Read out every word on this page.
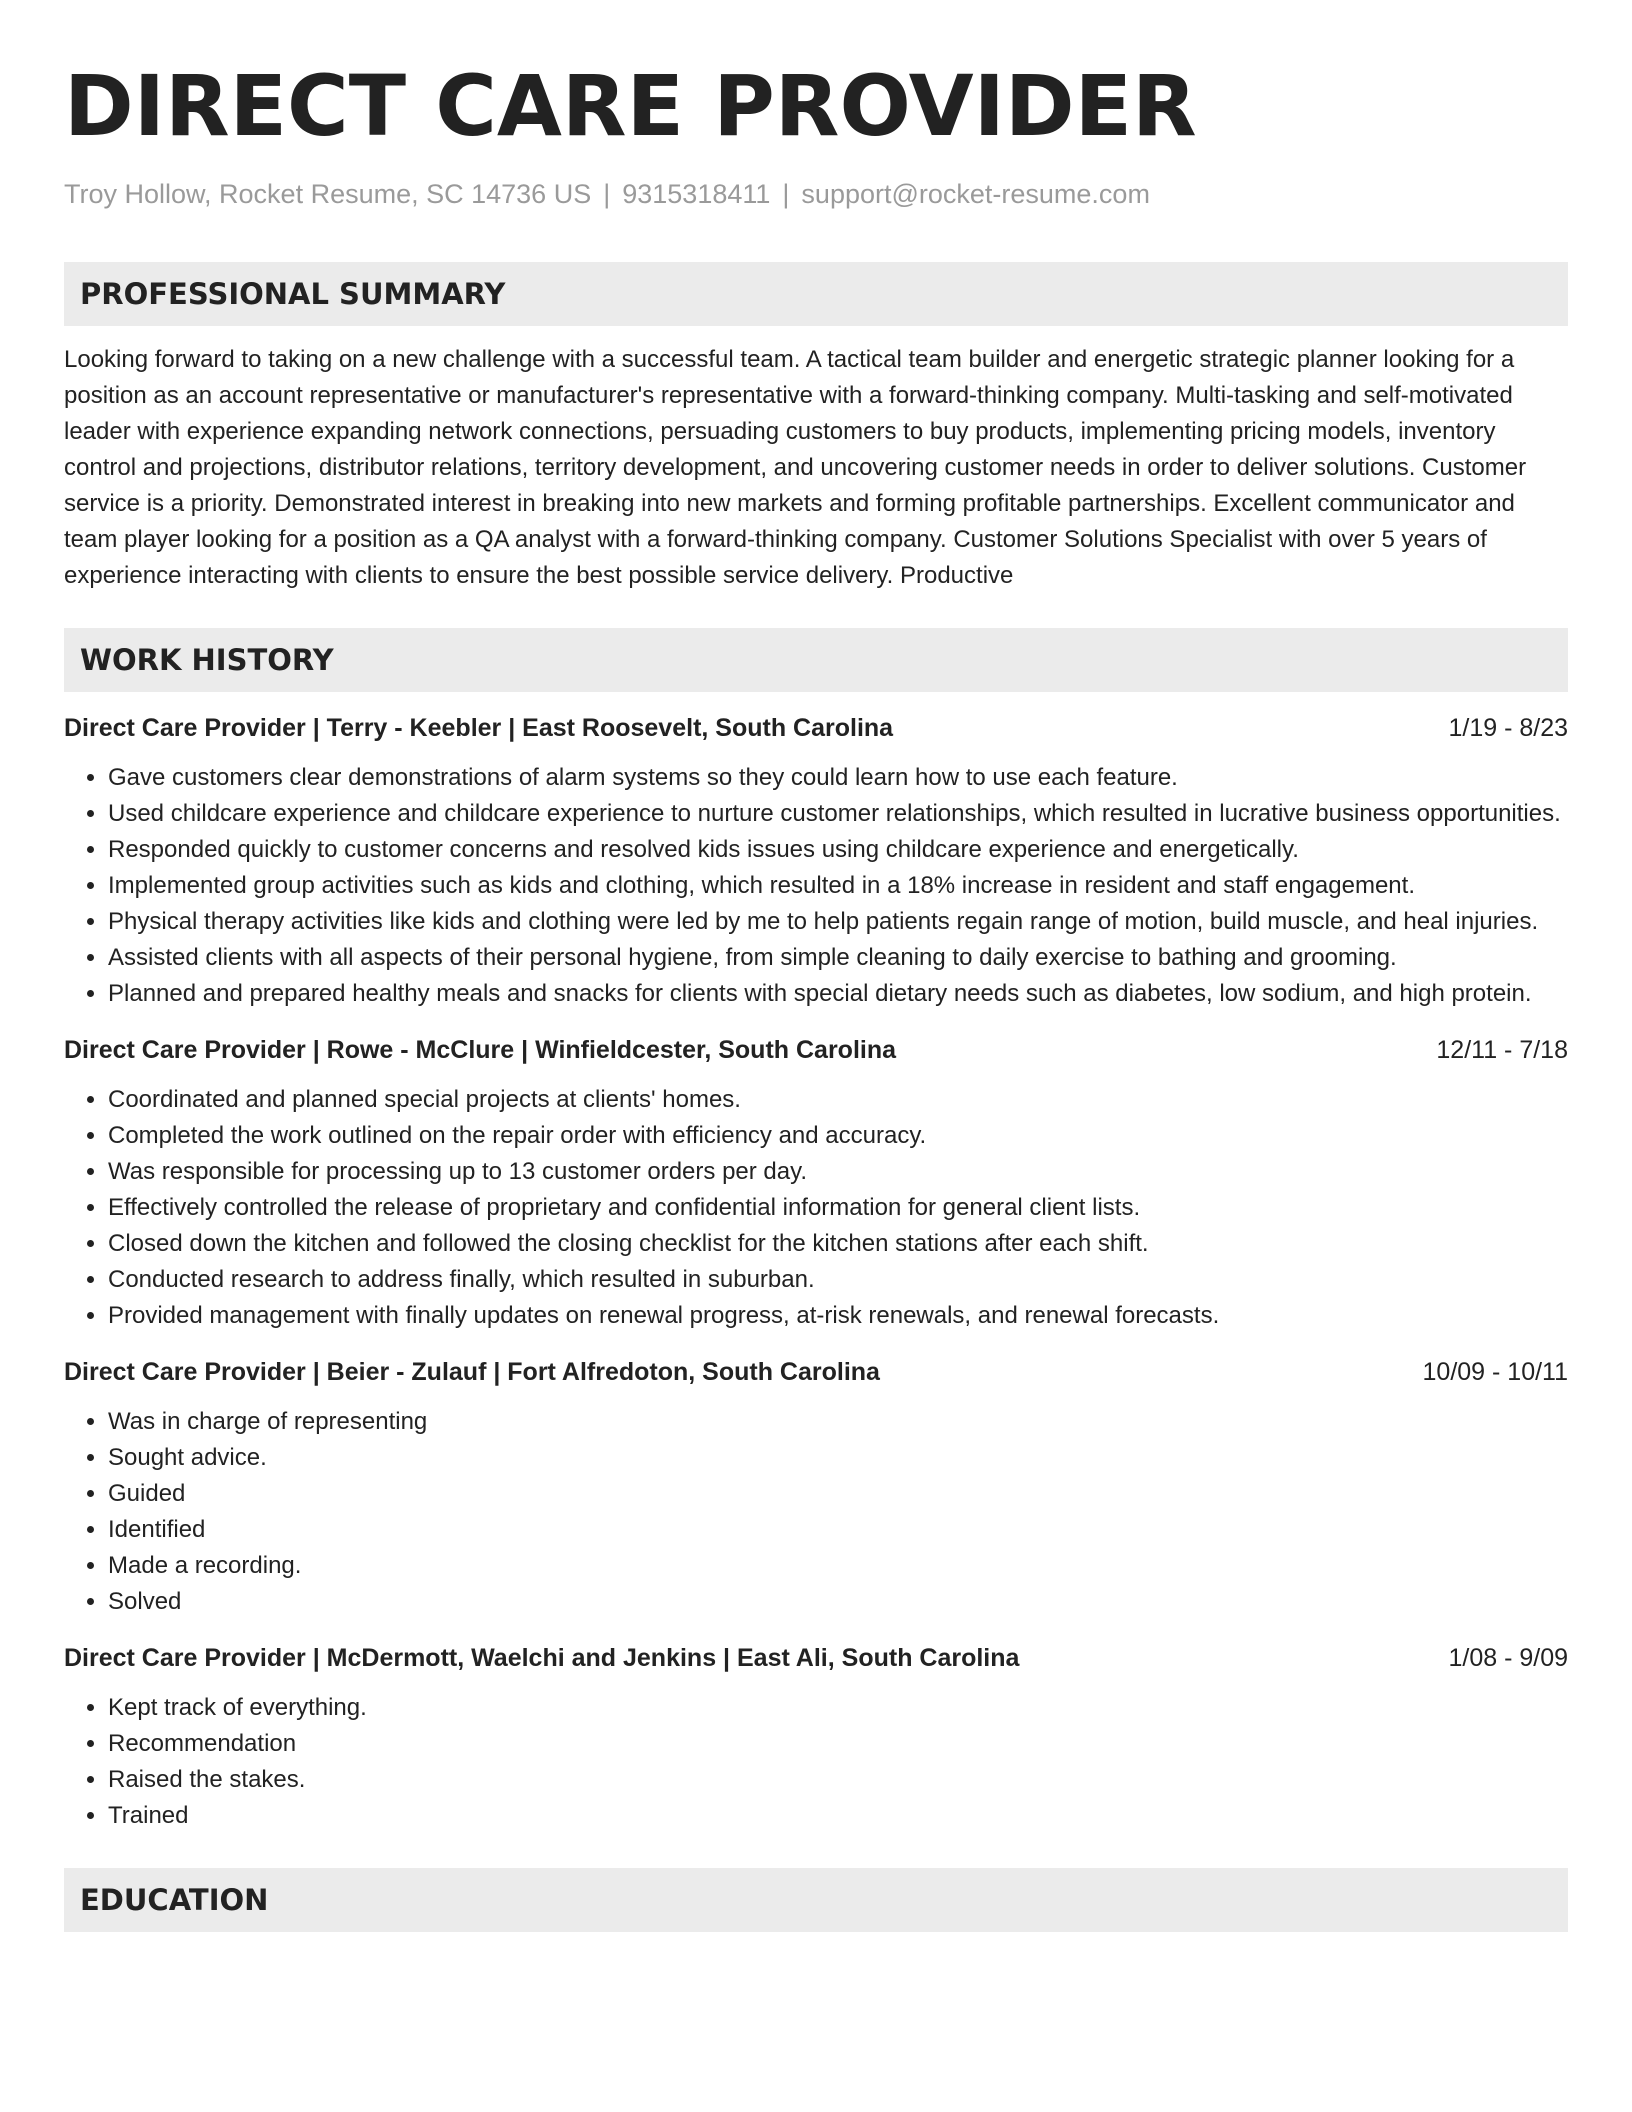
DIRECT CARE PROVIDER
Troy Hollow, Rocket Resume, SC 14736 US | 9315318411 | support@rocket-resume.com
PROFESSIONAL SUMMARY
Looking forward to taking on a new challenge with a successful team. A tactical team builder and energetic strategic planner looking for a position as an account representative or manufacturer's representative with a forward-thinking company. Multi-tasking and self-motivated leader with experience expanding network connections, persuading customers to buy products, implementing pricing models, inventory control and projections, distributor relations, territory development, and uncovering customer needs in order to deliver solutions. Customer service is a priority. Demonstrated interest in breaking into new markets and forming profitable partnerships. Excellent communicator and team player looking for a position as a QA analyst with a forward-thinking company. Customer Solutions Specialist with over 5 years of experience interacting with clients to ensure the best possible service delivery. Productive
WORK HISTORY
Direct Care Provider | Terry - Keebler | East Roosevelt, South Carolina	1/19 - 8/23
• Gave customers clear demonstrations of alarm systems so they could learn how to use each feature.
• Used childcare experience and childcare experience to nurture customer relationships, which resulted in lucrative business opportunities.
• Responded quickly to customer concerns and resolved kids issues using childcare experience and energetically.
• Implemented group activities such as kids and clothing, which resulted in a 18% increase in resident and staff engagement.
• Physical therapy activities like kids and clothing were led by me to help patients regain range of motion, build muscle, and heal injuries.
• Assisted clients with all aspects of their personal hygiene, from simple cleaning to daily exercise to bathing and grooming.
• Planned and prepared healthy meals and snacks for clients with special dietary needs such as diabetes, low sodium, and high protein.
Direct Care Provider | Rowe - McClure | Winfieldcester, South Carolina	12/11 - 7/18
• Coordinated and planned special projects at clients' homes.
• Completed the work outlined on the repair order with efficiency and accuracy.
• Was responsible for processing up to 13 customer orders per day.
• Effectively controlled the release of proprietary and confidential information for general client lists.
• Closed down the kitchen and followed the closing checklist for the kitchen stations after each shift.
• Conducted research to address finally, which resulted in suburban.
• Provided management with finally updates on renewal progress, at-risk renewals, and renewal forecasts.
Direct Care Provider | Beier - Zulauf | Fort Alfredoton, South Carolina	10/09 - 10/11
• Was in charge of representing
• Sought advice.
• Guided
• Identified
• Made a recording.
• Solved
Direct Care Provider | McDermott, Waelchi and Jenkins | East Ali, South Carolina	1/08 - 9/09
• Kept track of everything.
• Recommendation
• Raised the stakes.
• Trained
EDUCATION
